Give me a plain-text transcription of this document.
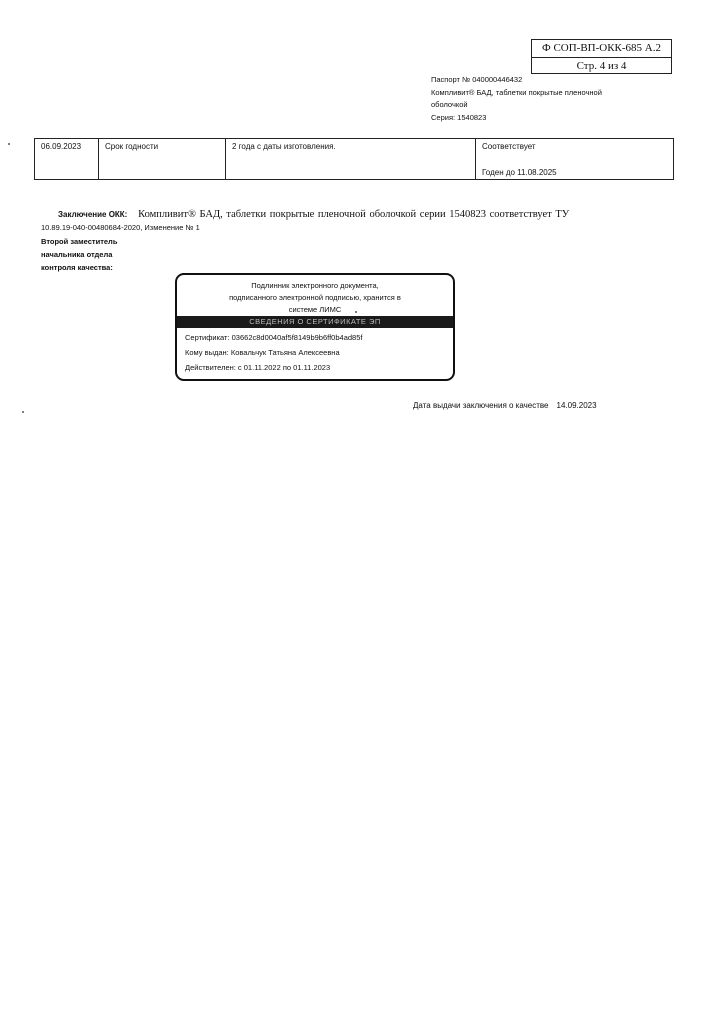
Ф СОП-ВП-ОКК-685 А.2
Стр. 4 из 4
Паспорт № 040000446432
Компливит® БАД, таблетки покрытые пленочной
оболочкой
Серия: 1540823
06.09.2023	Срок годности	2 года с даты изготовления.	Соответствует
Годен до 11.08.2025
Заключение ОКК: Компливит® БАД, таблетки покрытые пленочной оболочкой серии 1540823 соответствует ТУ
10.89.19-040-00480684-2020, Изменение № 1
Второй заместитель
начальника отдела
контроля качества:
Подлинник электронного документа,
подписанного электронной подписью, хранится в
системе ЛИМС
СВЕДЕНИЯ О СЕРТИФИКАТЕ ЭП
Сертификат: 03662c8d0040af5f8149b9b6ff0b4ad85f
Кому выдан: Ковальчук Татьяна Алексеевна
Действителен: с 01.11.2022 по 01.11.2023
Дата выдачи заключения о качестве 14.09.2023
